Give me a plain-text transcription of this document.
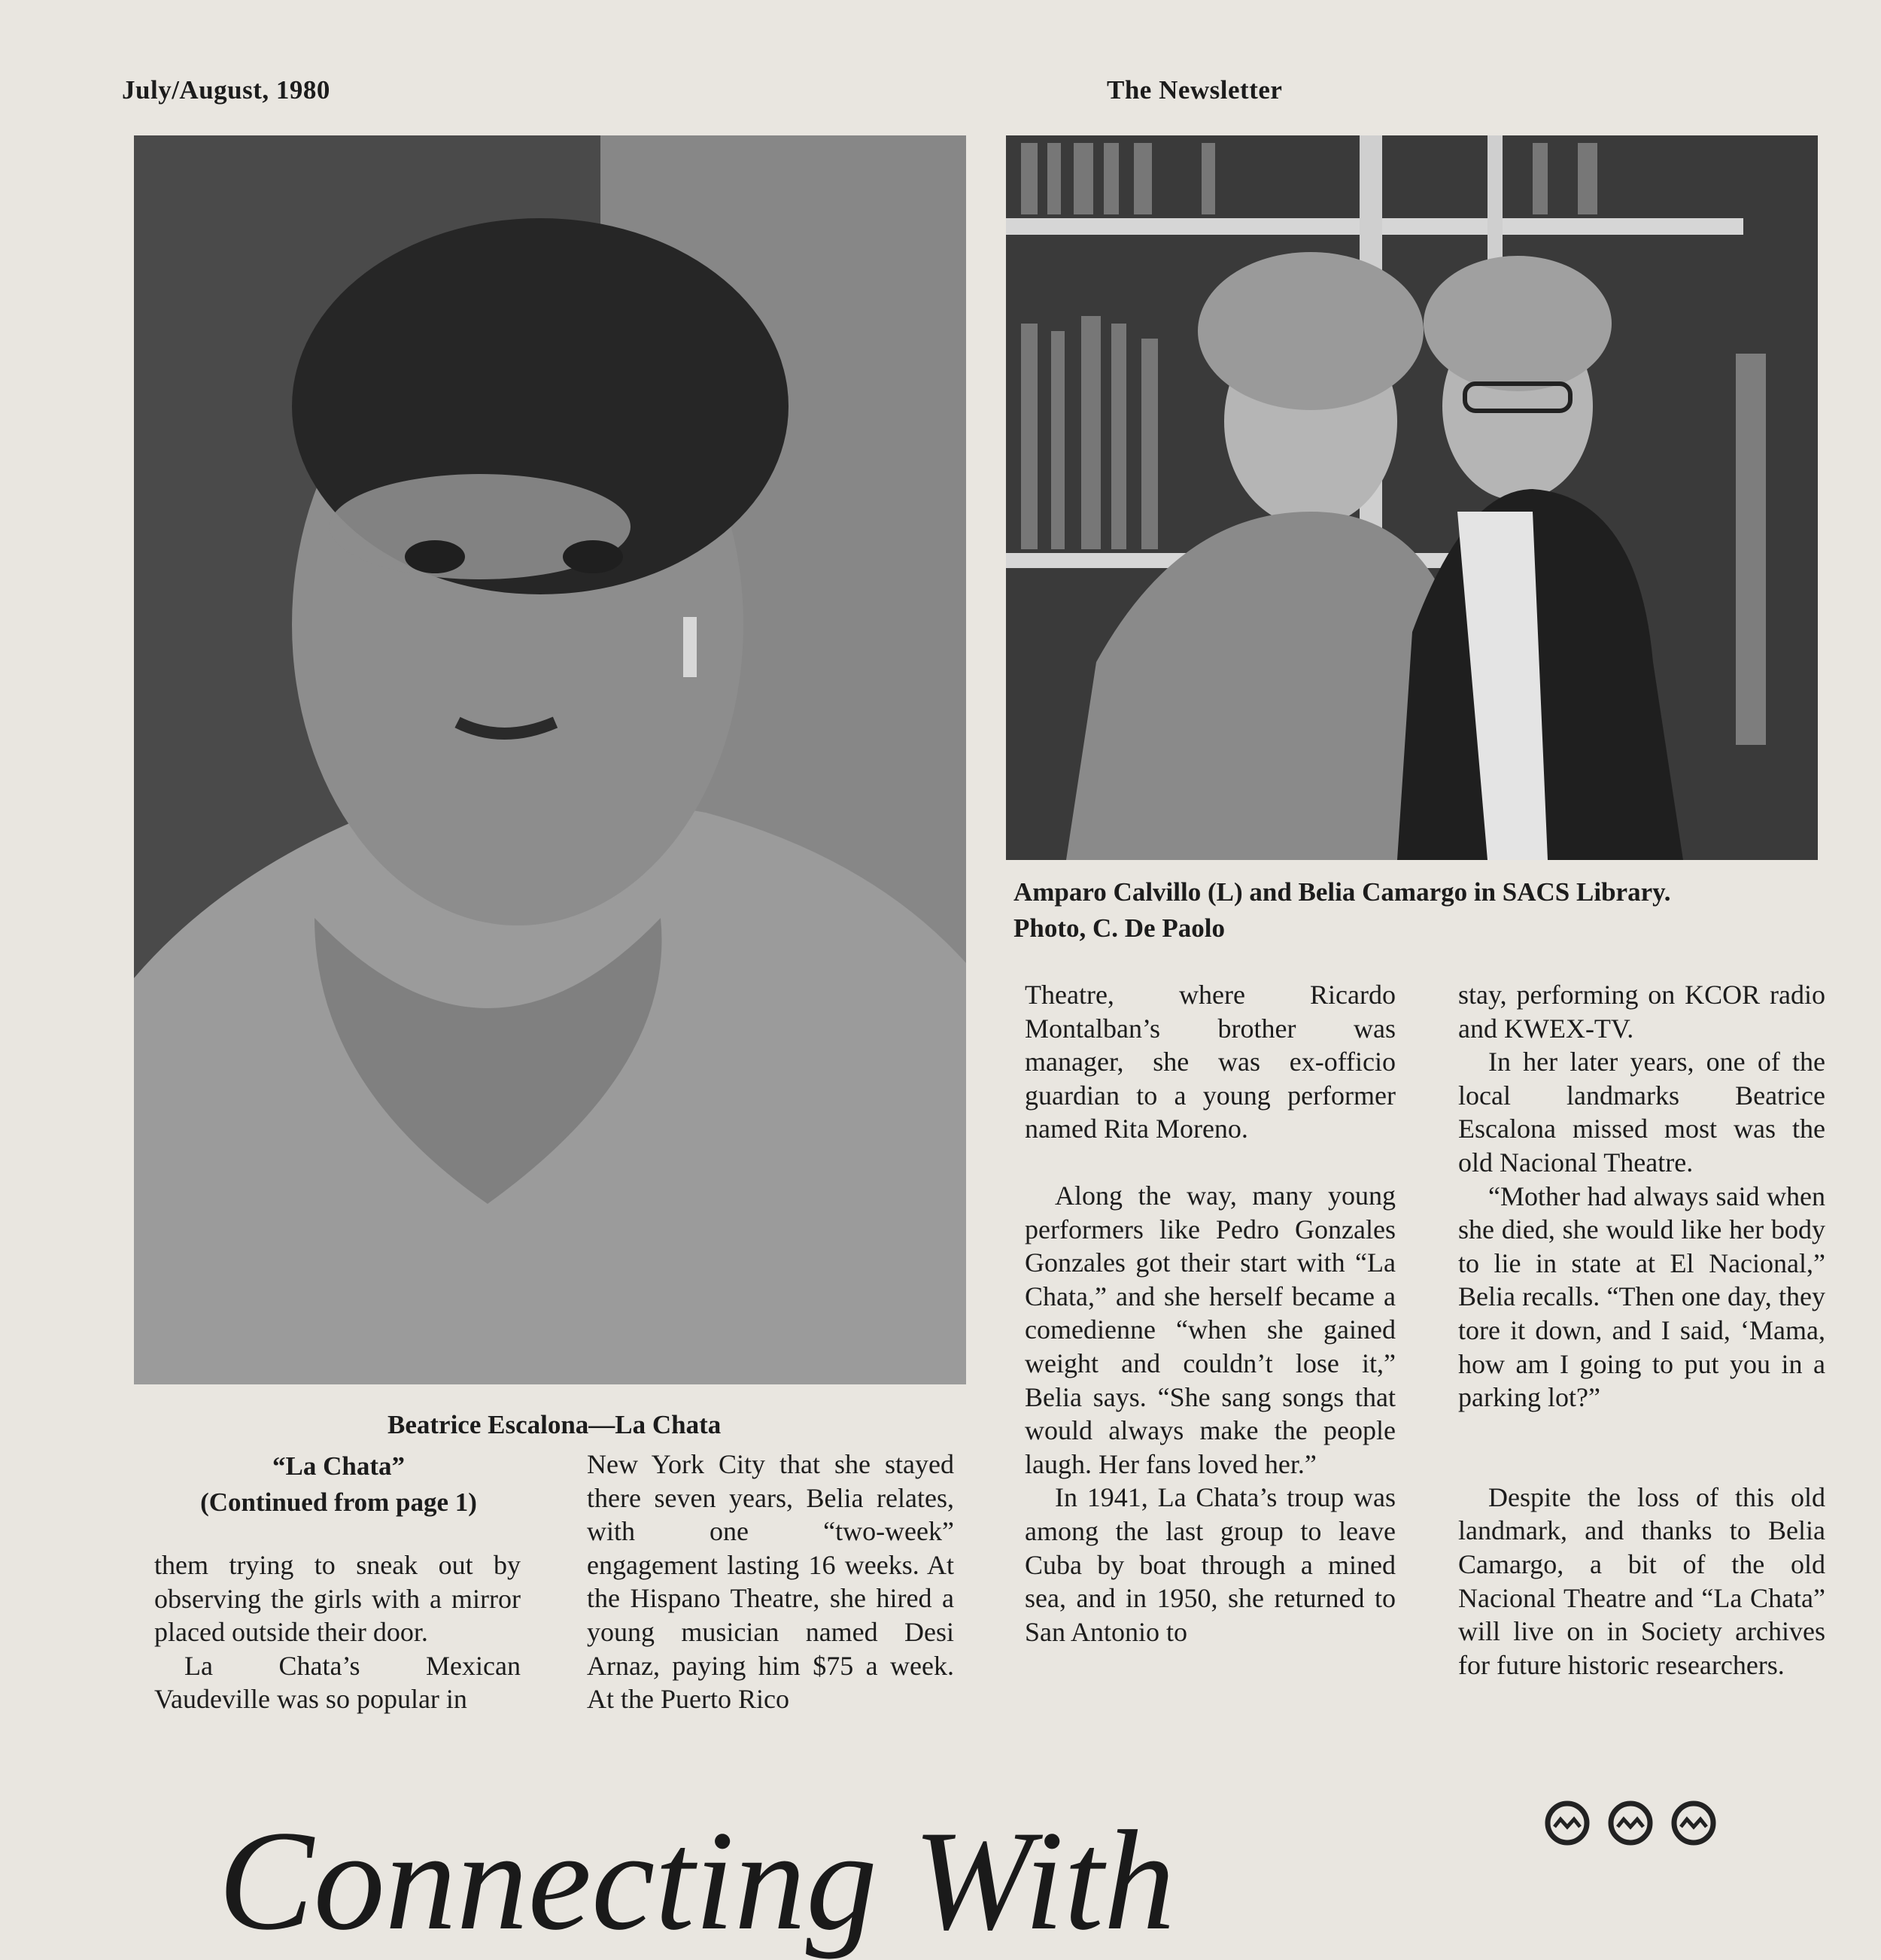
July/August, 1980	The Newsletter
Beatrice Escalona—La Chata
Amparo Calvillo (L) and Belia Camargo in SACS Library.
Photo, C. De Paolo
“La Chata”
(Continued from page 1)

them trying to sneak out by observing the girls with a mirror placed outside their door.

La Chata’s Mexican Vaudeville was so popular in

New York City that she stayed there seven years, Belia relates, with one “two-week” engagement lasting 16 weeks. At the Hispano Theatre, she hired a young musician named Desi Arnaz, paying him $75 a week. At the Puerto Rico

Theatre, where Ricardo Montalban’s brother was manager, she was ex-officio guardian to a young performer named Rita Moreno.

Along the way, many young performers like Pedro Gonzales Gonzales got their start with “La Chata,” and she herself became a comedienne “when she gained weight and couldn’t lose it,” Belia says. “She sang songs that would always make the people laugh. Her fans loved her.”

In 1941, La Chata’s troup was among the last group to leave Cuba by boat through a mined sea, and in 1950, she returned to San Antonio to

stay, performing on KCOR radio and KWEX-TV.

In her later years, one of the local landmarks Beatrice Escalona missed most was the old Nacional Theatre.

“Mother had always said when she died, she would like her body to lie in state at El Nacional,” Belia recalls. “Then one day, they tore it down, and I said, ‘Mama, how am I going to put you in a parking lot?”

Despite the loss of this old landmark, and thanks to Belia Camargo, a bit of the old Nacional Theatre and “La Chata” will live on in Society archives for future historic researchers.

Connecting With
